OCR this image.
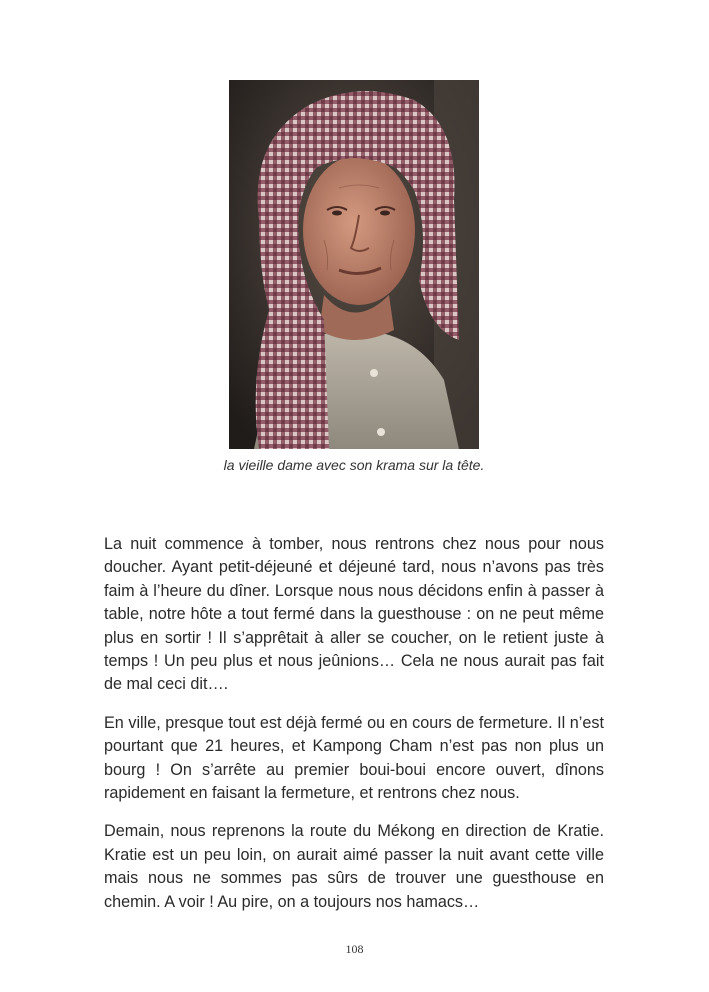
la vieille dame avec son krama sur la tête.

La nuit commence à tomber, nous rentrons chez nous pour nous doucher. Ayant petit-déjeuné et déjeuné tard, nous n’avons pas très faim à l’heure du dîner. Lorsque nous nous décidons enfin à passer à table, notre hôte a tout fermé dans la guesthouse : on ne peut même plus en sortir ! Il s’apprêtait à aller se coucher, on le retient juste à temps ! Un peu plus et nous jeûnions… Cela ne nous aurait pas fait de mal ceci dit….

En ville, presque tout est déjà fermé ou en cours de fermeture. Il n’est pourtant que 21 heures, et Kampong Cham n’est pas non plus un bourg ! On s’arrête au premier boui-boui encore ouvert, dînons rapidement en faisant la fermeture, et rentrons chez nous.

Demain, nous reprenons la route du Mékong en direction de Kratie. Kratie est un peu loin, on aurait aimé passer la nuit avant cette ville mais nous ne sommes pas sûrs de trouver une guesthouse en chemin. A voir ! Au pire, on a toujours nos hamacs…

108
